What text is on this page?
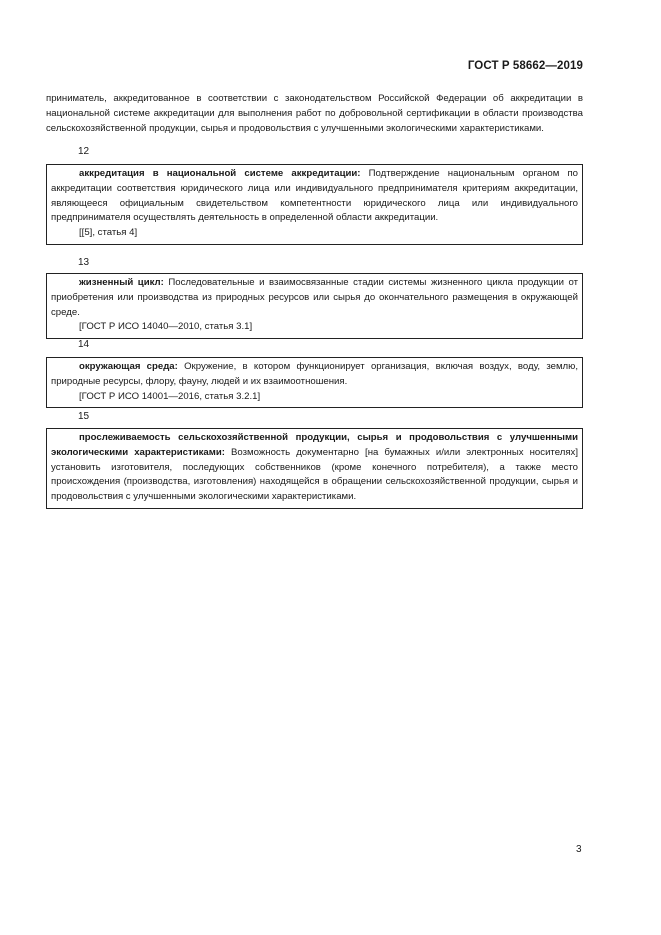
ГОСТ Р 58662—2019
приниматель, аккредитованное в соответствии с законодательством Российской Федерации об аккредитации в национальной системе аккредитации для выполнения работ по добровольной сертификации в области производства сельскохозяйственной продукции, сырья и продовольствия с улучшенными экологическими характеристиками.
12
аккредитация в национальной системе аккредитации: Подтверждение национальным органом по аккредитации соответствия юридического лица или индивидуального предпринимателя критериям аккредитации, являющееся официальным свидетельством компетентности юридического лица или индивидуального предпринимателя осуществлять деятельность в определенной области аккредитации.
[[5], статья 4]
13
жизненный цикл: Последовательные и взаимосвязанные стадии системы жизненного цикла продукции от приобретения или производства из природных ресурсов или сырья до окончательного размещения в окружающей среде.
[ГОСТ Р ИСО 14040—2010, статья 3.1]
14
окружающая среда: Окружение, в котором функционирует организация, включая воздух, воду, землю, природные ресурсы, флору, фауну, людей и их взаимоотношения.
[ГОСТ Р ИСО 14001—2016, статья 3.2.1]
15
прослеживаемость сельскохозяйственной продукции, сырья и продовольствия с улучшенными экологическими характеристиками: Возможность документарно [на бумажных и/или электронных носителях] установить изготовителя, последующих собственников (кроме конечного потребителя), а также место происхождения (производства, изготовления) находящейся в обращении сельскохозяйственной продукции, сырья и продовольствия с улучшенными экологическими характеристиками.
3
